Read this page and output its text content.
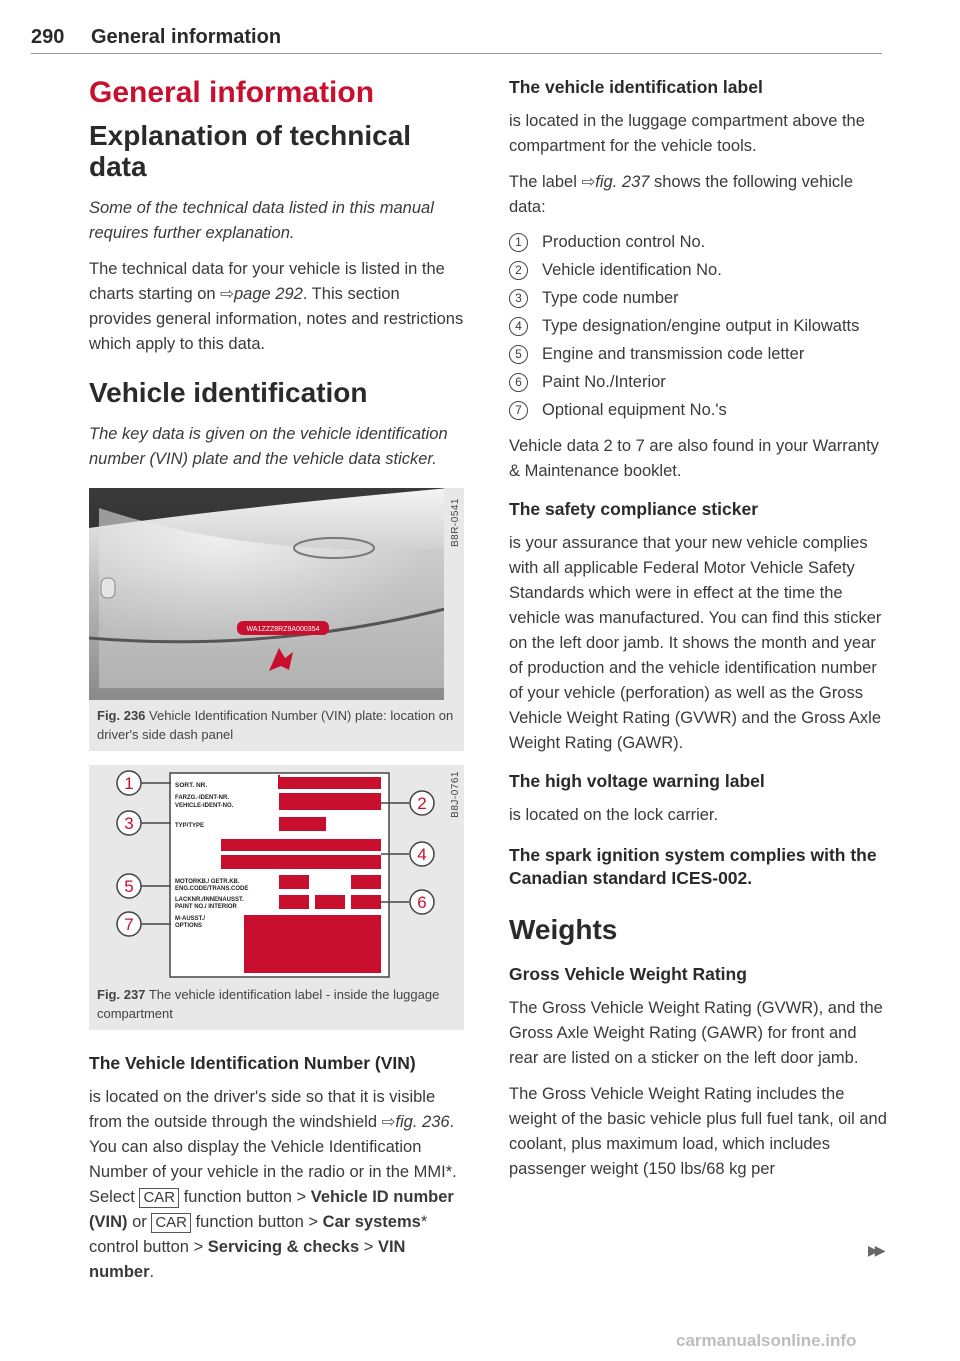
290 General information
General information
Explanation of technical data
Some of the technical data listed in this manual requires further explanation.
The technical data for your vehicle is listed in the charts starting on ⇨page 292. This section provides general information, notes and restrictions which apply to this data.
Vehicle identification
The key data is given on the vehicle identification number (VIN) plate and the vehicle data sticker.
WA1ZZZ8RZ9A000354
B8R-0541
Fig. 236 Vehicle Identification Number (VIN) plate: location on driver's side dash panel
SORT. NR.
FARZG.-IDENT-NR.
VEHICLE-IDENT-NO.
TYP/TYPE
MOTORKB./ GETR.KB.
ENG.CODE/TRANS.CODE
LACKNR./INNENAUSST.
PAINT NO./ INTERIOR
M-AUSST./
OPTIONS
1
2
3
4
5
6
7
B8J-0761
Fig. 237 The vehicle identification label - inside the luggage compartment
The Vehicle Identification Number (VIN)
is located on the driver's side so that it is visible from the outside through the windshield ⇨fig. 236. You can also display the Vehicle Identification Number of your vehicle in the radio or in the MMI*. Select CAR function button > Vehicle ID number (VIN) or CAR function button > Car systems* control button > Servicing & checks > VIN number.
The vehicle identification label
is located in the luggage compartment above the compartment for the vehicle tools.
The label ⇨fig. 237 shows the following vehicle data:
1	Production control No.
2	Vehicle identification No.
3	Type code number
4	Type designation/engine output in Kilowatts
5	Engine and transmission code letter
6	Paint No./Interior
7	Optional equipment No.'s
Vehicle data 2 to 7 are also found in your Warranty & Maintenance booklet.
The safety compliance sticker
is your assurance that your new vehicle complies with all applicable Federal Motor Vehicle Safety Standards which were in effect at the time the vehicle was manufactured. You can find this sticker on the left door jamb. It shows the month and year of production and the vehicle identification number of your vehicle (perforation) as well as the Gross Vehicle Weight Rating (GVWR) and the Gross Axle Weight Rating (GAWR).
The high voltage warning label
is located on the lock carrier.
The spark ignition system complies with the Canadian standard ICES-002.
Weights
Gross Vehicle Weight Rating
The Gross Vehicle Weight Rating (GVWR), and the Gross Axle Weight Rating (GAWR) for front and rear are listed on a sticker on the left door jamb.
The Gross Vehicle Weight Rating includes the weight of the basic vehicle plus full fuel tank, oil and coolant, plus maximum load, which includes passenger weight (150 lbs/68 kg per
▶▶
carmanualsonline.info
